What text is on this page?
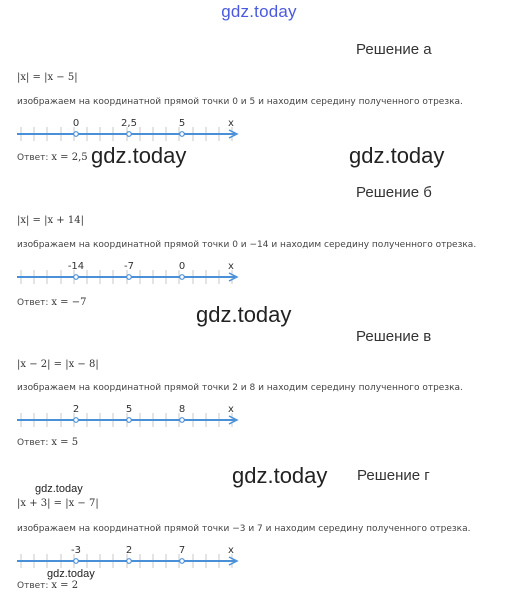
gdz.today
Решение а
|x| = |x − 5|
изображаем на координатной прямой точки 0 и 5 и находим середину полученного отрезка.
x
0	2,5	5
Ответ: x = 2,5 gdz.today	gdz.today
Решение б
|x| = |x + 14|
изображаем на координатной прямой точки 0 и −14 и находим середину полученного отрезка.
x
-14	-7	0
Ответ: x = −7	gdz.today
Решение в
|x − 2| = |x − 8|
изображаем на координатной прямой точки 2 и 8 и находим середину полученного отрезка.
x
2	5	8
Ответ: x = 5
gdz.today Решение г
gdz.today
|x + 3| = |x − 7|
изображаем на координатной прямой точки −3 и 7 и находим середину полученного отрезка.
x
-3	2	7
gdz.today
Ответ: x = 2
